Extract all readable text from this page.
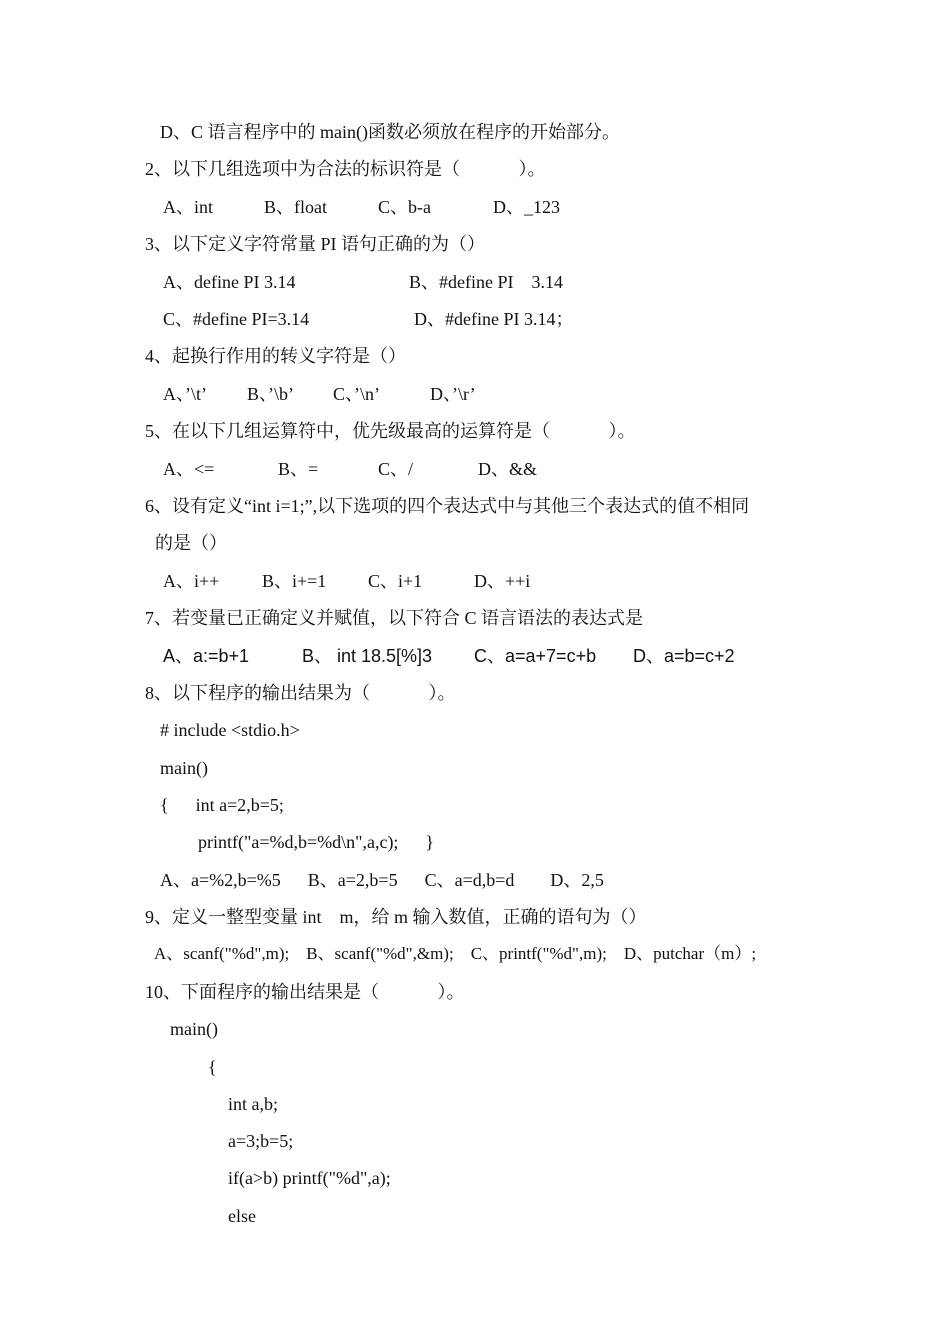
D、C 语言程序中的 main()函数必须放在程序的开始部分。
2、以下几组选项中为合法的标识符是（             ）。
A、int	B、float	C、b-a	D、_123
3、以下定义字符常量 PI 语句正确的为（）
A、define PI 3.14	B、#define PI    3.14
C、#define PI=3.14	D、#define PI 3.14；
4、起换行作用的转义字符是（）
A、’\t’ B、’\b’ C、’\n’	D、’\r’
5、在以下几组运算符中，优先级最高的运算符是（             ）。
A、<=	B、=	C、/	D、&&
6、设有定义“int i=1;”,以下选项的四个表达式中与其他三个表达式的值不相同
的是（）
A、i++ B、i+=1 C、i+1	D、++i
7、若变量已正确定义并赋值，以下符合 C 语言语法的表达式是
A、a:=b+1	B、 int 18.5[%]3 C、a=a+7=c+b D、a=b=c+2
8、以下程序的输出结果为（             ）。
# include <stdio.h>
main()
{      int a=2,b=5;
printf("a=%d,b=%d\n",a,c);      }
A、a=%2,b=%5      B、a=2,b=5      C、a=d,b=d        D、2,5
9、定义一整型变量 int    m，给 m 输入数值，正确的语句为（）
A、scanf("%d",m);    B、scanf("%d",&m);    C、printf("%d",m);    D、putchar（m）;
10、下面程序的输出结果是（             ）。
main()
{
int a,b;
a=3;b=5;
if(a>b) printf("%d",a);
else
